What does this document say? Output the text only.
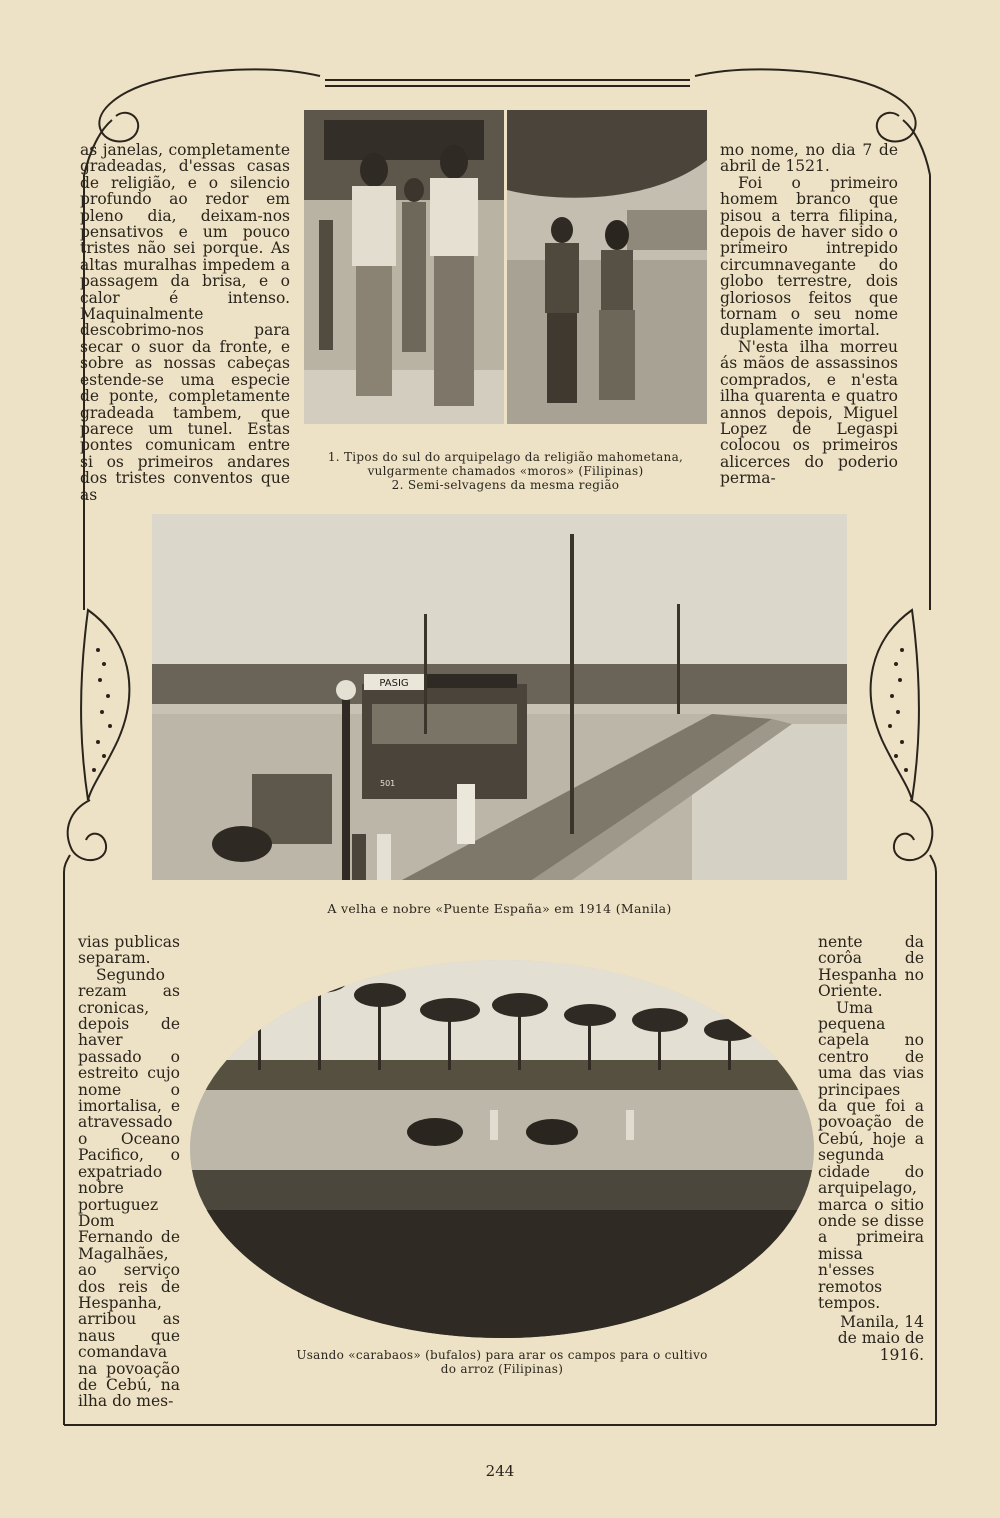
as janelas, completamente gradeadas, d'essas casas de religião, e o silencio profundo ao redor em pleno dia, deixam-nos pensativos e um pouco tristes não sei porque. As altas muralhas impedem a passagem da brisa, e o calor é intenso. Maquinalmente descobrimo-nos para secar o suor da fronte, e sobre as nossas cabeças estende-se uma especie de ponte, completamente gradeada tambem, que parece um tunel. Estas pontes comunicam entre si os primeiros andares dos tristes conventos que as

1. Tipos do sul do arquipelago da religião mahometana,
vulgarmente chamados «moros» (Filipinas)
2. Semi-selvagens da mesma região

mo nome, no dia 7 de abril de 1521.

Foi o primeiro homem branco que pisou a terra filipina, depois de haver sido o primeiro intrepido circumnavegante do globo terrestre, dois gloriosos feitos que tornam o seu nome duplamente imortal.

N'esta ilha morreu ás mãos de assassinos comprados, e n'esta ilha quarenta e quatro annos depois, Miguel Lopez de Legaspi colocou os primeiros alicerces do poderio perma-

PASIG
501
A velha e nobre «Puente España» em 1914 (Manila)

vias publicas separam.

Segundo rezam as cronicas, depois de haver passado o estreito cujo nome o imortalisa, e atravessado o Oceano Pacifico, o expatriado nobre portuguez Dom Fernando de Magalhães, ao serviço dos reis de Hespanha, arribou as naus que comandava na povoação de Cebú, na ilha do mes-

Usando «carabaos» (bufalos) para arar os campos para o cultivo
do arroz (Filipinas)

nente da corôa de Hespanha no Oriente.

Uma pequena capela no centro de uma das vias principaes da que foi a povoação de Cebú, hoje a segunda cidade do arquipelago, marca o sitio onde se disse a primeira missa n'esses remotos tempos.

Manila, 14
de maio de
1916.
244
